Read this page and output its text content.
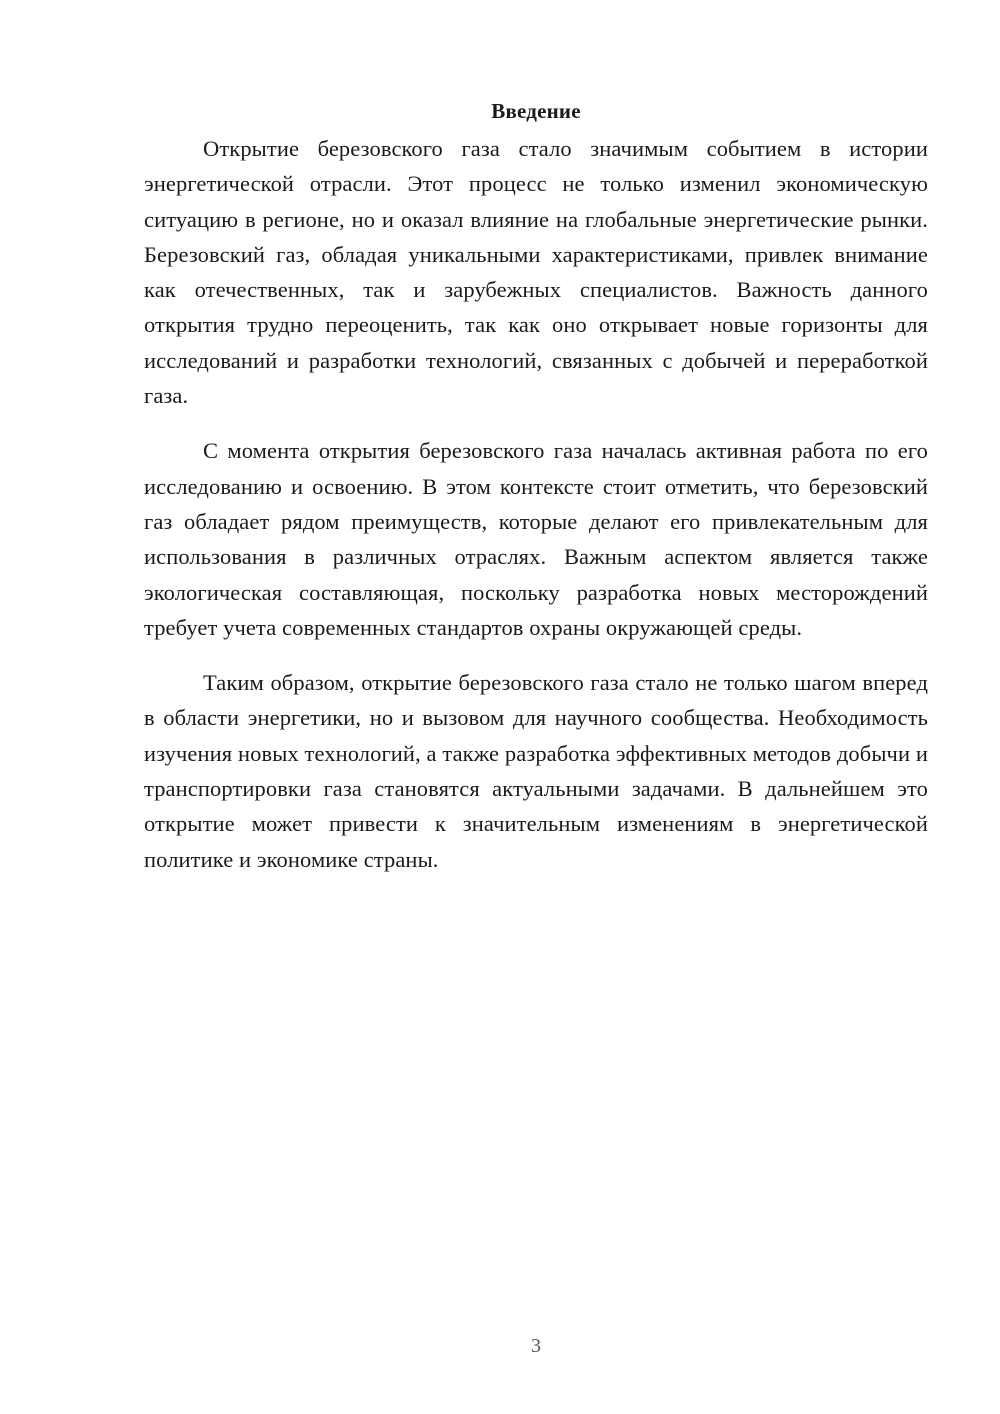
Введение

Открытие березовского газа стало значимым событием в истории энергетической отрасли. Этот процесс не только изменил экономическую ситуацию в регионе, но и оказал влияние на глобальные энергетические рынки. Березовский газ, обладая уникальными характеристиками, привлек внимание как отечественных, так и зарубежных специалистов. Важность данного открытия трудно переоценить, так как оно открывает новые горизонты для исследований и разработки технологий, связанных с добычей и переработкой газа.

С момента открытия березовского газа началась активная работа по его исследованию и освоению. В этом контексте стоит отметить, что березовский газ обладает рядом преимуществ, которые делают его привлекательным для использования в различных отраслях. Важным аспектом является также экологическая составляющая, поскольку разработка новых месторождений требует учета современных стандартов охраны окружающей среды.

Таким образом, открытие березовского газа стало не только шагом вперед в области энергетики, но и вызовом для научного сообщества. Необходимость изучения новых технологий, а также разработка эффективных методов добычи и транспортировки газа становятся актуальными задачами. В дальнейшем это открытие может привести к значительным изменениям в энергетической политике и экономике страны.

3
